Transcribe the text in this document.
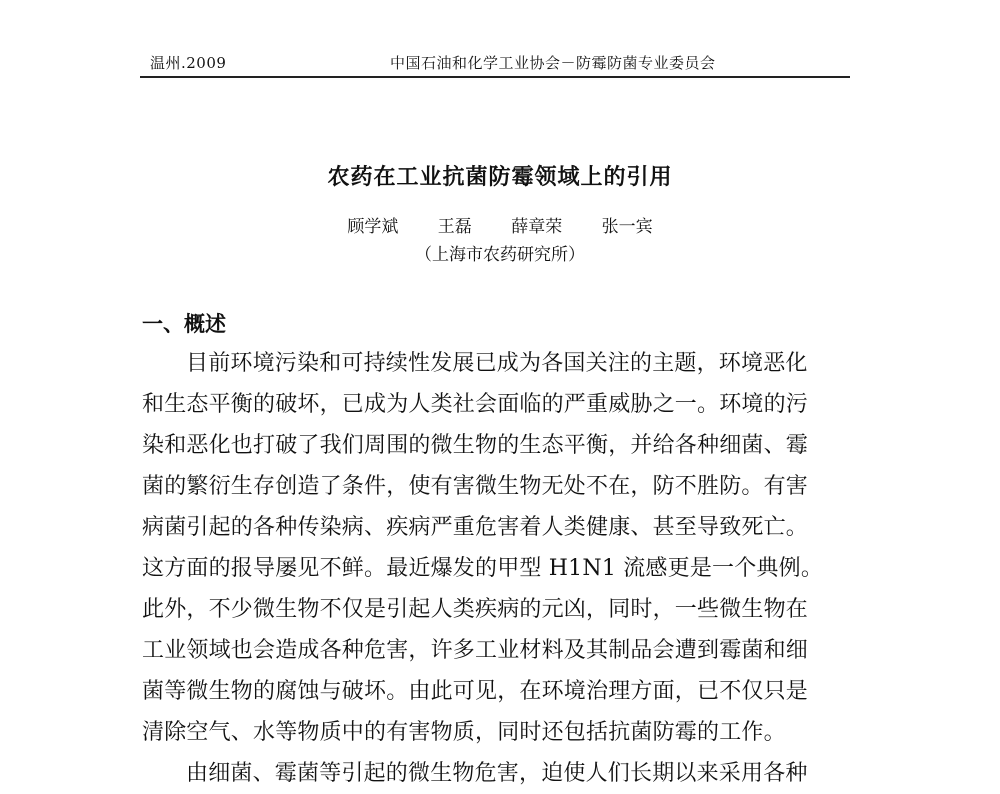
温州.2009	中国石油和化学工业协会－防霉防菌专业委员会
农药在工业抗菌防霉领域上的引用
顾学斌 王磊 薛章荣 张一宾
（上海市农药研究所）
一、概述
目前环境污染和可持续性发展已成为各国关注的主题，环境恶化
和生态平衡的破坏，已成为人类社会面临的严重威胁之一。环境的污
染和恶化也打破了我们周围的微生物的生态平衡，并给各种细菌、霉
菌的繁衍生存创造了条件，使有害微生物无处不在，防不胜防。有害
病菌引起的各种传染病、疾病严重危害着人类健康、甚至导致死亡。
这方面的报导屡见不鲜。最近爆发的甲型 H1N1 流感更是一个典例。
此外，不少微生物不仅是引起人类疾病的元凶，同时，一些微生物在
工业领域也会造成各种危害，许多工业材料及其制品会遭到霉菌和细
菌等微生物的腐蚀与破坏。由此可见，在环境治理方面，已不仅只是
清除空气、水等物质中的有害物质，同时还包括抗菌防霉的工作。
由细菌、霉菌等引起的微生物危害，迫使人们长期以来采用各种
